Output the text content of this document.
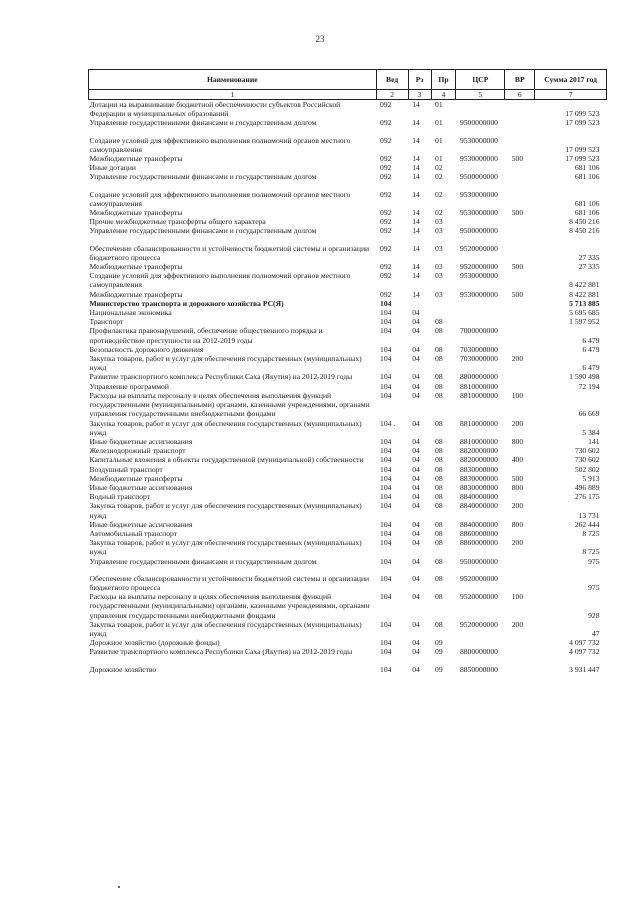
23
Наименование	Вед	Рз	Пр	ЦСР	ВР	Сумма 2017 год
1	2	3	4	5	6	7
Дотации на выравнивание бюджетной обеспеченности субъектов Российской Федерации и муниципальных образований	092	14	01			17 099 523
Управление государственными финансами и государственным долгом	092	14	01	9500000000		17 099 523
Создание условий для эффективного выполнения полномочий органов местного самоуправления	092	14	01	9530000000		17 099 523
Межбюджетные трансферты	092	14	01	9530000000	500	17 099 523
Иные дотации	092	14	02			681 106
Управление государственными финансами и государственным долгом	092	14	02	9500000000		681 106
Создание условий для эффективного выполнения полномочий органов местного самоуправления	092	14	02	9530000000		681 106
Межбюджетные трансферты	092	14	02	9530000000	500	681 106
Прочие межбюджетные трансферты общего характера	092	14	03			8 450 216
Управление государственными финансами и государственным долгом	092	14	03	9500000000		8 450 216
Обеспечение сбалансированности и устойчивости бюджетной системы и организации бюджетного процесса	092	14	03	9520000000		27 335
Межбюджетные трансферты	092	14	03	9520000000	500	27 335
Создание условий для эффективного выполнения полномочий органов местного самоуправления	092	14	03	9530000000		8 422 881
Межбюджетные трансферты	092	14	03	9530000000	500	8 422 881
Министерство транспорта и дорожного хозяйства РС(Я)	104					5 713 885
Национальная экономика	104	04				5 695 685
Транспорт	104	04	08			1 597 952
Профилактика правонарушений, обеспечение общественного порядка и противодействие преступности на 2012-2019 годы	104	04	08	7000000000		6 479
Безопасность дорожного движения	104	04	08	7030000000		6 479
Закупка товаров, работ и услуг для обеспечения государственных (муниципальных) нужд	104	04	08	7030000000	200	6 479
Развитие транспортного комплекса Республики Саха (Якутия) на 2012-2019 годы	104	04	08	8800000000		1 590 498
Управление программой	104	04	08	8810000000		72 194
Расходы на выплаты персоналу в целях обеспечения выполнения функций государственными (муниципальными) органами, казенными учреждениями, органами управления государственными внебюджетными фондами	104	04	08	8810000000	100	66 669
Закупка товаров, работ и услуг для обеспечения государственных (муниципальных) нужд	104 .	04	08	8810000000	200	5 384
Иные бюджетные ассигнования	104	04	08	8810000000	800	141
Железнодорожный транспорт	104	04	08	8820000000		730 602
Капитальные вложения в объекты государственной (муниципальной) собственности	104	04	08	8820000000	400	730 602
Воздушный транспорт	104	04	08	8830000000		502 802
Межбюджетные трансферты	104	04	08	8830000000	500	5 913
Иные бюджетные ассигнования	104	04	08	8830000000	800	496 889
Водный транспорт	104	04	08	8840000000		276 175
Закупка товаров, работ и услуг для обеспечения государственных (муниципальных) нужд	104	04	08	8840000000	200	13 731
Иные бюджетные ассигнования	104	04	08	8840000000	800	262 444
Автомобильный транспорт	104	04	08	8860000000		8 725
Закупка товаров, работ и услуг для обеспечения государственных (муниципальных) нужд	104	04	08	8860000000	200	8 725
Управление государственными финансами и государственным долгом	104	04	08	9500000000		975
Обеспечение сбалансированности и устойчивости бюджетной системы и организации бюджетного процесса	104	04	08	9520000000		975
Расходы на выплаты персоналу в целях обеспечения выполнения функций государственными (муниципальными) органами, казенными учреждениями, органами управления государственными внебюджетными фондами	104	04	08	9520000000	100	928
Закупка товаров, работ и услуг для обеспечения государственных (муниципальных) нужд	104	04	08	9520000000	200	47
Дорожное хозяйство (дорожные фонды)	104	04	09			4 097 732
Развитие транспортного комплекса Республики Саха (Якутия) на 2012-2019 годы	104	04	09	8800000000		4 097 732
Дорожное хозяйство	104	04	09	8850000000		3 931 447
